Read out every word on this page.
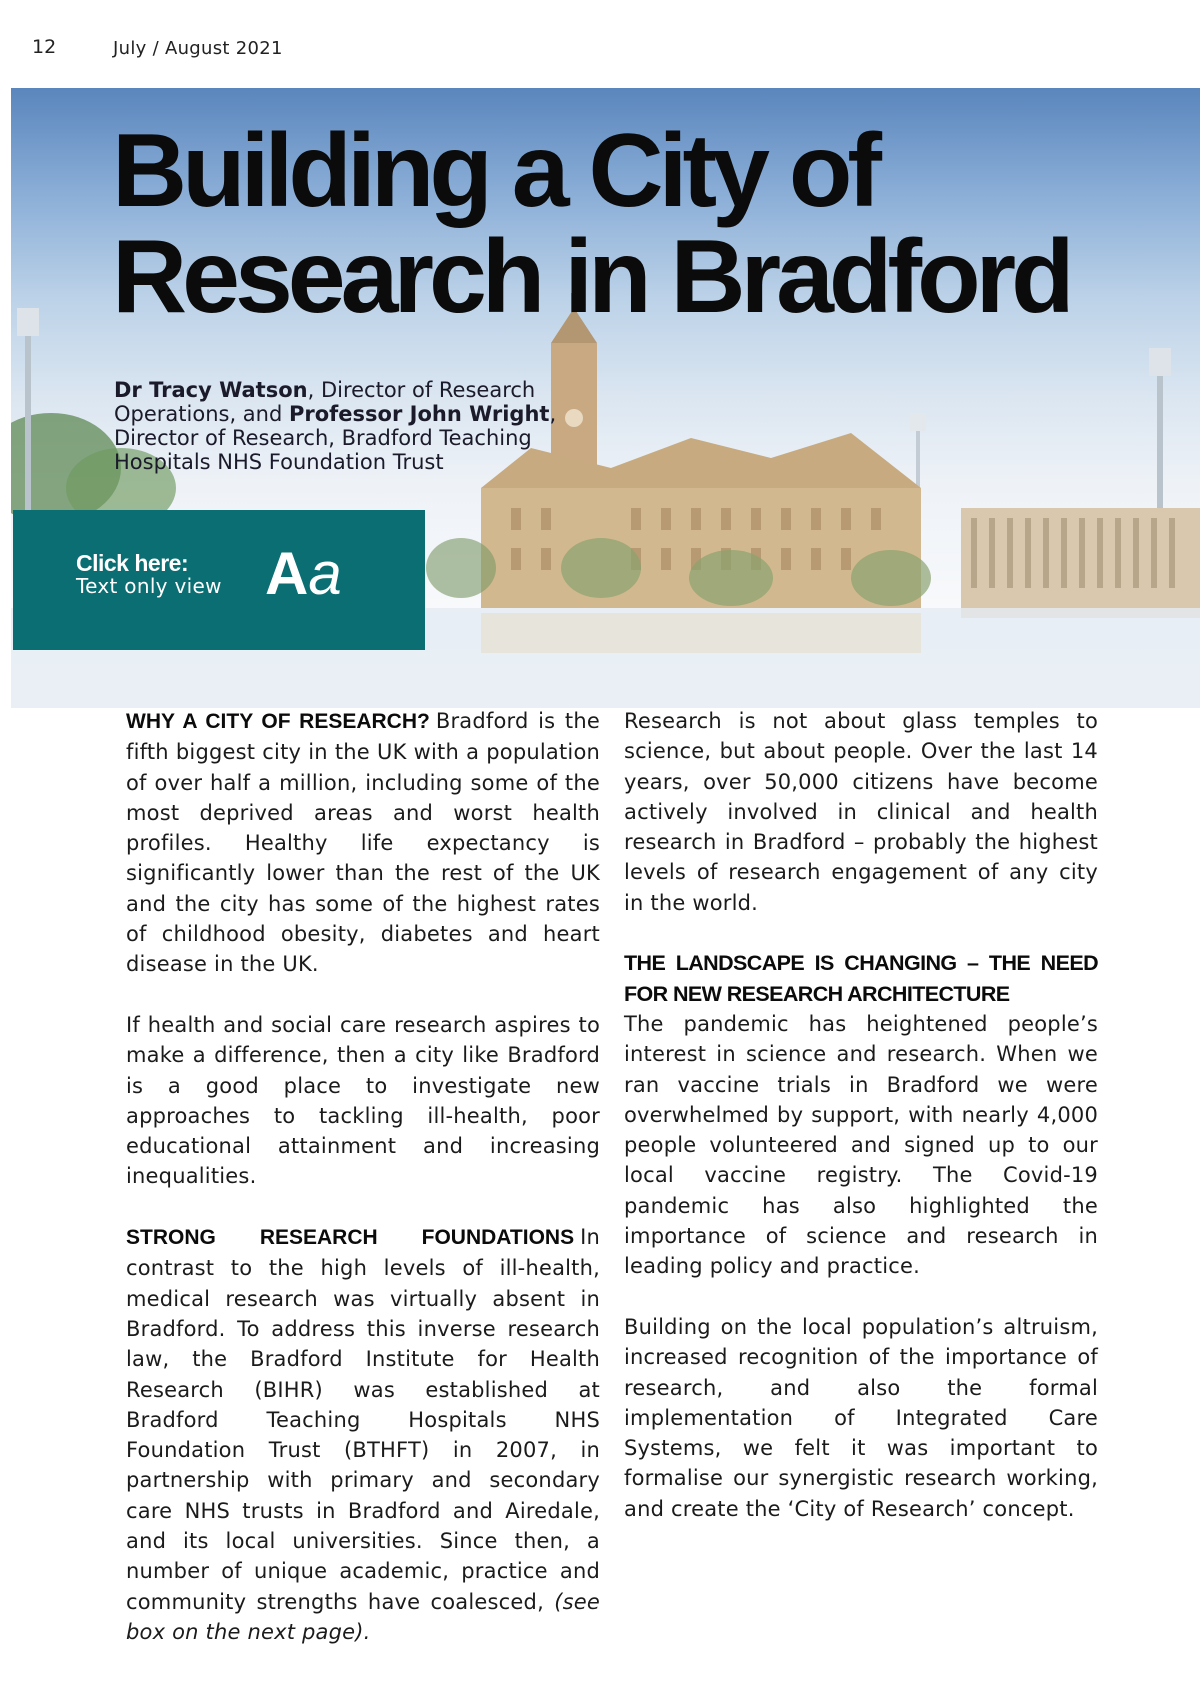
12	July / August 2021
Building a City of
Research in Bradford
Dr Tracy Watson, Director of Research Operations, and Professor John Wright, Director of Research, Bradford Teaching Hospitals NHS Foundation Trust
Click here:
Text only view Aa

WHY A CITY OF RESEARCH? Bradford is the fifth biggest city in the UK with a population of over half a million, including some of the most deprived areas and worst health profiles. Healthy life expectancy is significantly lower than the rest of the UK and the city has some of the highest rates of childhood obesity, diabetes and heart disease in the UK.

If health and social care research aspires to make a difference, then a city like Bradford is a good place to investigate new approaches to tackling ill-health, poor educational attainment and increasing inequalities.

STRONG RESEARCH FOUNDATIONS In contrast to the high levels of ill-health, medical research was virtually absent in Bradford. To address this inverse research law, the Bradford Institute for Health Research (BIHR) was established at Bradford Teaching Hospitals NHS Foundation Trust (BTHFT) in 2007, in partnership with primary and secondary care NHS trusts in Bradford and Airedale, and its local universities. Since then, a number of unique academic, practice and community strengths have coalesced, (see box on the next page).

Research is not about glass temples to science, but about people. Over the last 14 years, over 50,000 citizens have become actively involved in clinical and health research in Bradford – probably the highest levels of research engagement of any city in the world.

THE LANDSCAPE IS CHANGING – THE NEED FOR NEW RESEARCH ARCHITECTURE
The pandemic has heightened people’s interest in science and research. When we ran vaccine trials in Bradford we were overwhelmed by support, with nearly 4,000 people volunteered and signed up to our local vaccine registry. The Covid-19 pandemic has also highlighted the importance of science and research in leading policy and practice.

Building on the local population’s altruism, increased recognition of the importance of research, and also the formal implementation of Integrated Care Systems, we felt it was important to formalise our synergistic research working, and create the ‘City of Research’ concept.
